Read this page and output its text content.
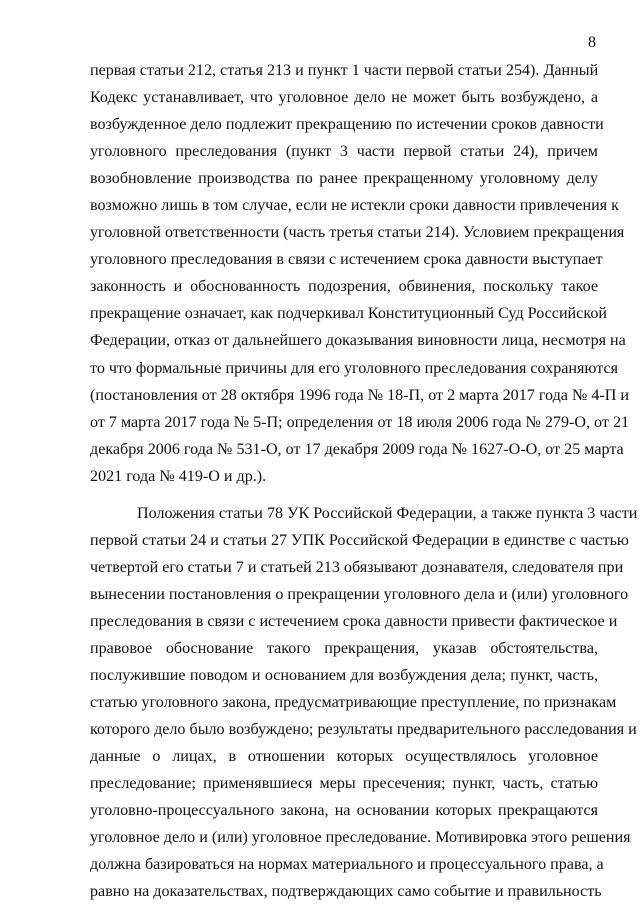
8
первая статьи 212, статья 213 и пункт 1 части первой статьи 254). Данный
Кодекс устанавливает, что уголовное дело не может быть возбуждено, а
возбужденное дело подлежит прекращению по истечении сроков давности
уголовного преследования (пункт 3 части первой статьи 24), причем
возобновление производства по ранее прекращенному уголовному делу
возможно лишь в том случае, если не истекли сроки давности привлечения к
уголовной ответственности (часть третья статьи 214). Условием прекращения
уголовного преследования в связи с истечением срока давности выступает
законность и обоснованность подозрения, обвинения, поскольку такое
прекращение означает, как подчеркивал Конституционный Суд Российской
Федерации, отказ от дальнейшего доказывания виновности лица, несмотря на
то что формальные причины для его уголовного преследования сохраняются
(постановления от 28 октября 1996 года № 18-П, от 2 марта 2017 года № 4-П и
от 7 марта 2017 года № 5-П; определения от 18 июля 2006 года № 279-О, от 21
декабря 2006 года № 531-О, от 17 декабря 2009 года № 1627-О-О, от 25 марта
2021 года № 419-О и др.).
Положения статьи 78 УК Российской Федерации, а также пункта 3 части
первой статьи 24 и статьи 27 УПК Российской Федерации в единстве с частью
четвертой его статьи 7 и статьей 213 обязывают дознавателя, следователя при
вынесении постановления о прекращении уголовного дела и (или) уголовного
преследования в связи с истечением срока давности привести фактическое и
правовое обоснование такого прекращения, указав обстоятельства,
послужившие поводом и основанием для возбуждения дела; пункт, часть,
статью уголовного закона, предусматривающие преступление, по признакам
которого дело было возбуждено; результаты предварительного расследования и
данные о лицах, в отношении которых осуществлялось уголовное
преследование; применявшиеся меры пресечения; пункт, часть, статью
уголовно-процессуального закона, на основании которых прекращаются
уголовное дело и (или) уголовное преследование. Мотивировка этого решения
должна базироваться на нормах материального и процессуального права, а
равно на доказательствах, подтверждающих само событие и правильность
